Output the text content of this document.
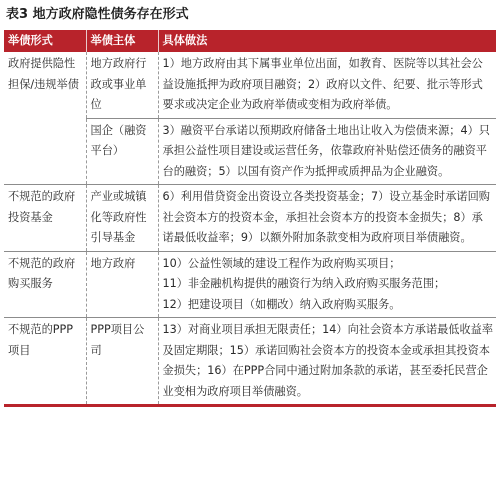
表3 地方政府隐性债务存在形式
举债形式	举债主体	具体做法
政府提供隐性担保/违规举债	地方政府行政或事业单位	1）地方政府由其下属事业单位出面，如教育、医院等以其社会公益设施抵押为政府项目融资；2）政府以文件、纪要、批示等形式要求或决定企业为政府举债或变相为政府举债。
	国企（融资平台）	3）融资平台承诺以预期政府储备土地出让收入为偿债来源；4）只承担公益性项目建设或运营任务，依靠政府补贴偿还债务的融资平台的融资；5）以国有资产作为抵押或质押品为企业融资。
不规范的政府投资基金	产业或城镇化等政府性引导基金	6）利用借贷资金出资设立各类投资基金；7）设立基金时承诺回购社会资本方的投资本金，承担社会资本方的投资本金损失；8）承诺最低收益率；9）以额外附加条款变相为政府项目举债融资。
不规范的政府购买服务	地方政府	10）公益性领域的建设工程作为政府购买项目；
11）非金融机构提供的融资行为纳入政府购买服务范围；
12）把建设项目（如棚改）纳入政府购买服务。

不规范的PPP项目	PPP项目公司	13）对商业项目承担无限责任；14）向社会资本方承诺最低收益率及固定期限；15）承诺回购社会资本方的投资本金或承担其投资本金损失；16）在PPP合同中通过附加条款的承诺，甚至委托民营企业变相为政府项目举债融资。
